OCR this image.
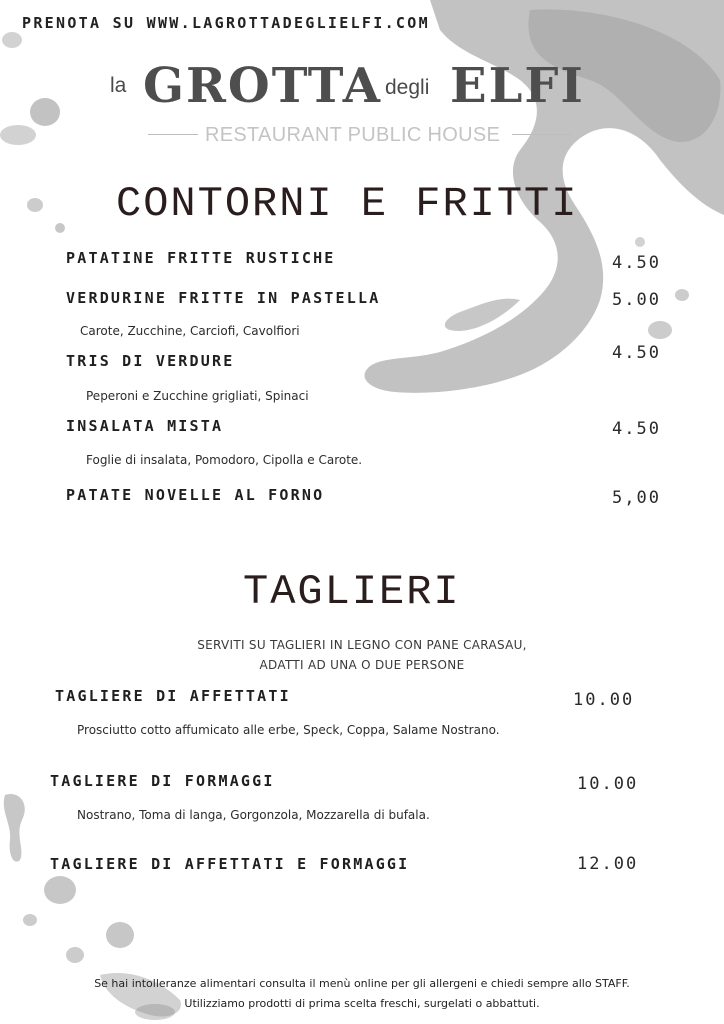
PRENOTA SU WWW.LAGROTTADEGLIELFI.COM
la GROTTA degli ELFI
RESTAURANT PUBLIC HOUSE
CONTORNI E FRITTI
PATATINE FRITTE RUSTICHE	4.50
VERDURINE FRITTE IN PASTELLA	5.00
Carote, Zucchine, Carciofi, Cavolfiori
TRIS DI VERDURE	4.50
Peperoni e Zucchine grigliati, Spinaci
INSALATA MISTA	4.50
Foglie di insalata, Pomodoro, Cipolla e Carote.
PATATE NOVELLE AL FORNO	5,00
TAGLIERI
SERVITI SU TAGLIERI IN LEGNO CON PANE CARASAU,
ADATTI AD UNA O DUE PERSONE
TAGLIERE DI AFFETTATI	10.00
Prosciutto cotto affumicato alle erbe, Speck, Coppa, Salame Nostrano.
TAGLIERE DI FORMAGGI	10.00
Nostrano, Toma di langa, Gorgonzola, Mozzarella di bufala.
TAGLIERE DI AFFETTATI E FORMAGGI	12.00
Se hai intolleranze alimentari consulta il menù online per gli allergeni e chiedi sempre allo STAFF.
Utilizziamo prodotti di prima scelta freschi, surgelati o abbattuti.
